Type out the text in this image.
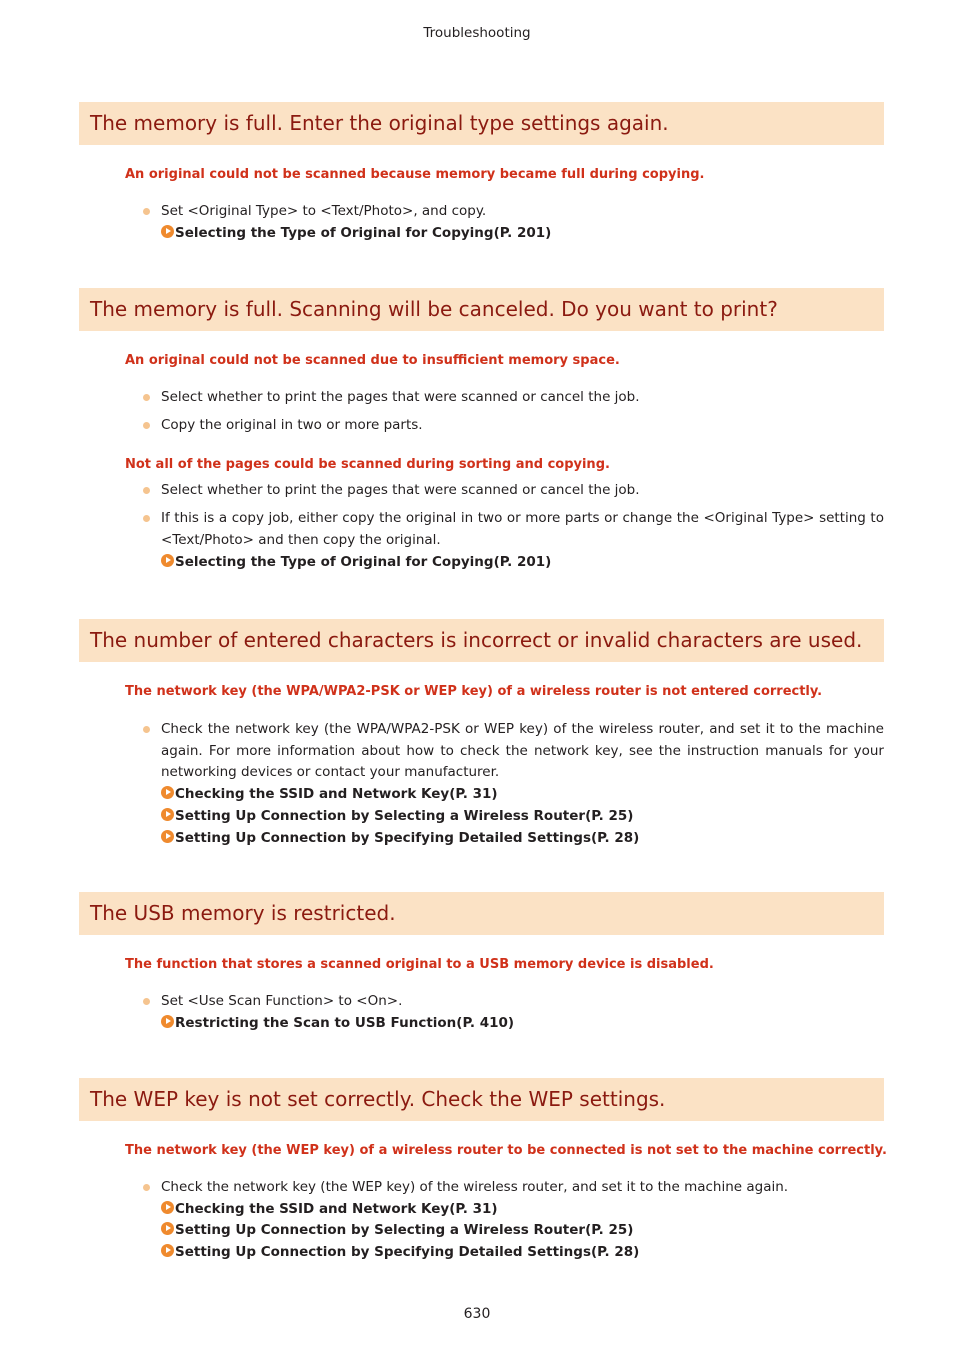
Troubleshooting
The memory is full. Enter the original type settings again.

An original could not be scanned because memory became full during copying.

Set <Original Type> to <Text/Photo>, and copy.
Selecting the Type of Original for Copying(P. 201)
The memory is full. Scanning will be canceled. Do you want to print?

An original could not be scanned due to insufficient memory space.

Select whether to print the pages that were scanned or cancel the job.
Copy the original in two or more parts.

Not all of the pages could be scanned during sorting and copying.

Select whether to print the pages that were scanned or cancel the job.
If this is a copy job, either copy the original in two or more parts or change the <Original Type> setting to <Text/Photo> and then copy the original.
Selecting the Type of Original for Copying(P. 201)
The number of entered characters is incorrect or invalid characters are used.

The network key (the WPA/WPA2-PSK or WEP key) of a wireless router is not entered correctly.

Check the network key (the WPA/WPA2-PSK or WEP key) of the wireless router, and set it to the machine again. For more information about how to check the network key, see the instruction manuals for your networking devices or contact your manufacturer.
Checking the SSID and Network Key(P. 31)
Setting Up Connection by Selecting a Wireless Router(P. 25)
Setting Up Connection by Specifying Detailed Settings(P. 28)
The USB memory is restricted.

The function that stores a scanned original to a USB memory device is disabled.

Set <Use Scan Function> to <On>.
Restricting the Scan to USB Function(P. 410)
The WEP key is not set correctly. Check the WEP settings.

The network key (the WEP key) of a wireless router to be connected is not set to the machine correctly.

Check the network key (the WEP key) of the wireless router, and set it to the machine again.
Checking the SSID and Network Key(P. 31)
Setting Up Connection by Selecting a Wireless Router(P. 25)
Setting Up Connection by Specifying Detailed Settings(P. 28)
630
